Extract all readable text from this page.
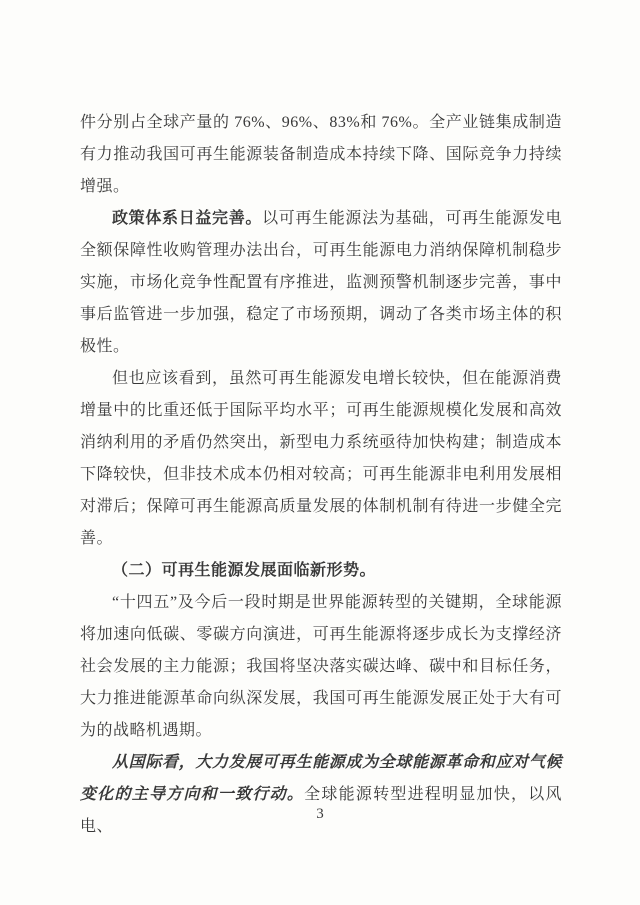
件分别占全球产量的 76%、96%、83%和 76%。全产业链集成制造有力推动我国可再生能源装备制造成本持续下降、国际竞争力持续增强。

政策体系日益完善。以可再生能源法为基础，可再生能源发电全额保障性收购管理办法出台，可再生能源电力消纳保障机制稳步实施，市场化竞争性配置有序推进，监测预警机制逐步完善，事中事后监管进一步加强，稳定了市场预期，调动了各类市场主体的积极性。

但也应该看到，虽然可再生能源发电增长较快，但在能源消费增量中的比重还低于国际平均水平；可再生能源规模化发展和高效消纳利用的矛盾仍然突出，新型电力系统亟待加快构建；制造成本下降较快，但非技术成本仍相对较高；可再生能源非电利用发展相对滞后；保障可再生能源高质量发展的体制机制有待进一步健全完善。

（二）可再生能源发展面临新形势。

“十四五”及今后一段时期是世界能源转型的关键期，全球能源将加速向低碳、零碳方向演进，可再生能源将逐步成长为支撑经济社会发展的主力能源；我国将坚决落实碳达峰、碳中和目标任务，大力推进能源革命向纵深发展，我国可再生能源发展正处于大有可为的战略机遇期。

从国际看，大力发展可再生能源成为全球能源革命和应对气候变化的主导方向和一致行动。全球能源转型进程明显加快，以风电、

3
